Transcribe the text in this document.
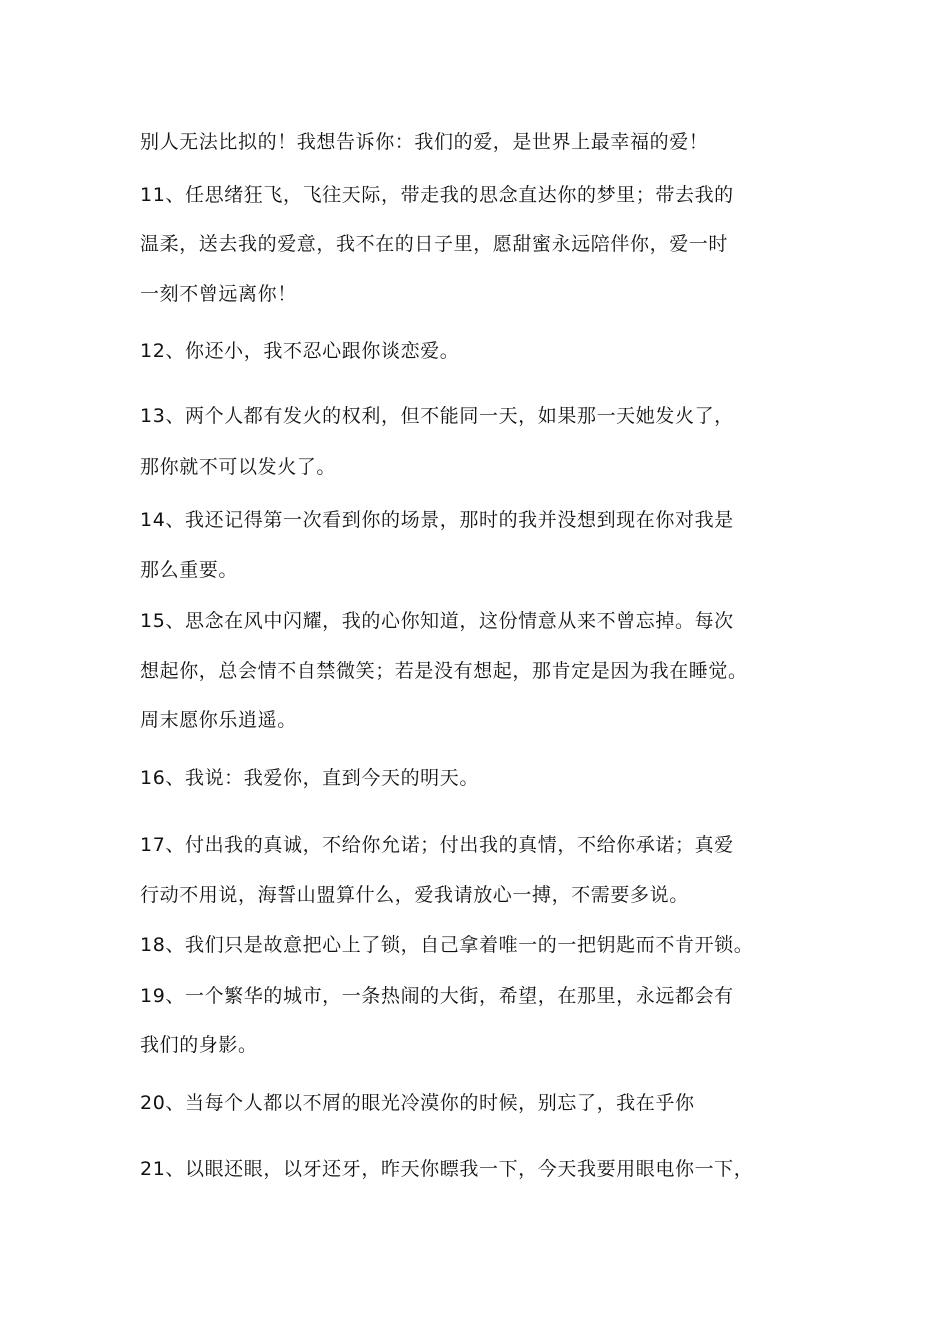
别人无法比拟的！我想告诉你：我们的爱，是世界上最幸福的爱！
11、任思绪狂飞，飞往天际，带走我的思念直达你的梦里；带去我的
温柔，送去我的爱意，我不在的日子里，愿甜蜜永远陪伴你，爱一时
一刻不曾远离你！
12、你还小，我不忍心跟你谈恋爱。
13、两个人都有发火的权利，但不能同一天，如果那一天她发火了，
那你就不可以发火了。
14、我还记得第一次看到你的场景，那时的我并没想到现在你对我是
那么重要。
15、思念在风中闪耀，我的心你知道，这份情意从来不曾忘掉。每次
想起你，总会情不自禁微笑；若是没有想起，那肯定是因为我在睡觉。
周末愿你乐逍遥。
16、我说：我爱你，直到今天的明天。
17、付出我的真诚，不给你允诺；付出我的真情，不给你承诺；真爱
行动不用说，海誓山盟算什么，爱我请放心一搏，不需要多说。
18、我们只是故意把心上了锁，自己拿着唯一的一把钥匙而不肯开锁。
19、一个繁华的城市，一条热闹的大街，希望，在那里，永远都会有
我们的身影。
20、当每个人都以不屑的眼光冷漠你的时候，别忘了，我在乎你
21、以眼还眼，以牙还牙，昨天你瞟我一下，今天我要用眼电你一下，
